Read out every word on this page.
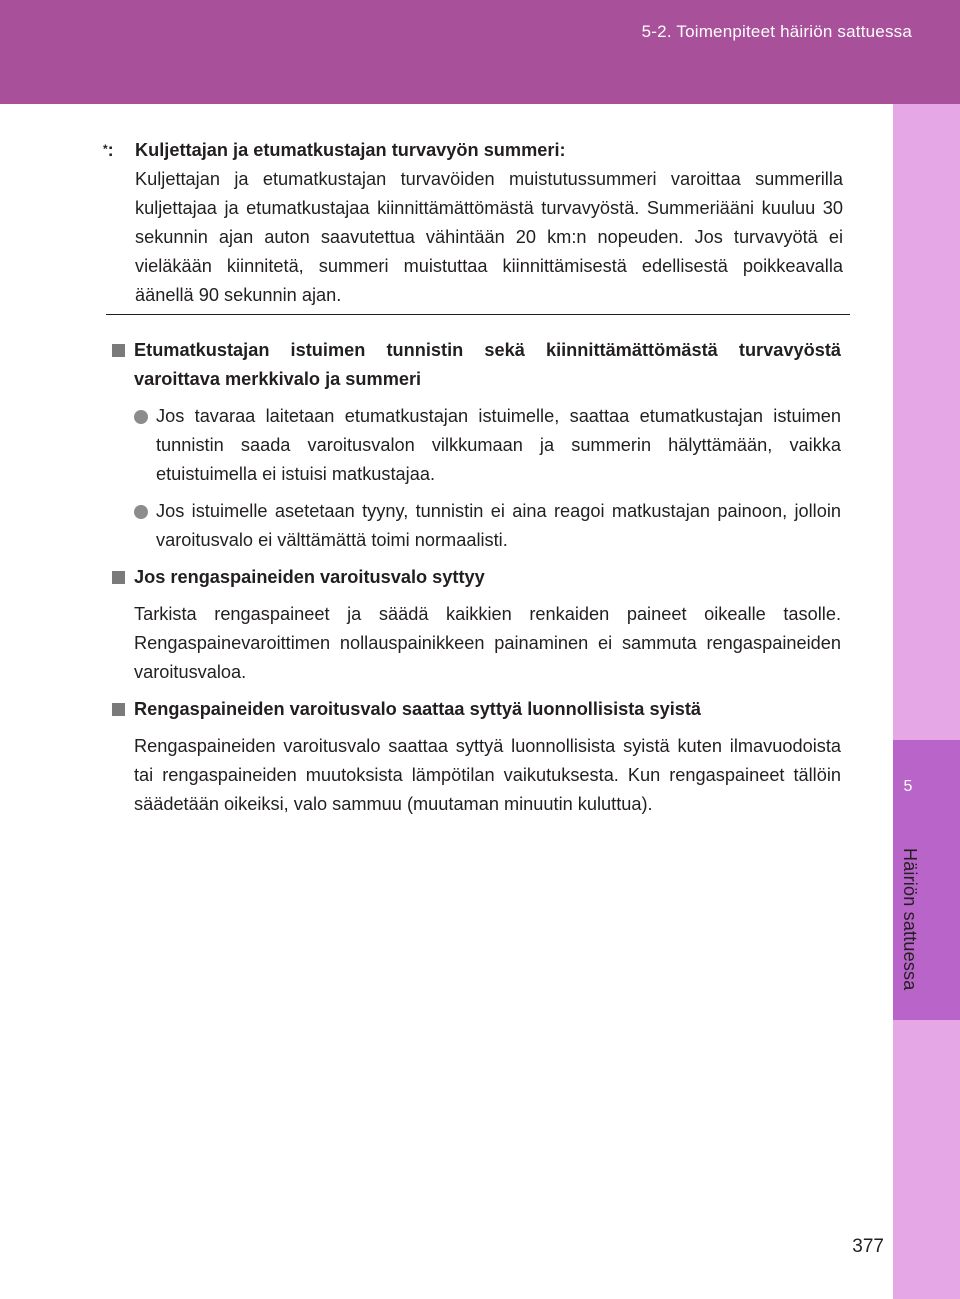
5-2. Toimenpiteet häiriön sattuessa
5
Häiriön sattuessa
*: Kuljettajan ja etumatkustajan turvavyön summeri:
Kuljettajan ja etumatkustajan turvavöiden muistutussummeri varoittaa summerilla kuljettajaa ja etumatkustajaa kiinnittämättömästä turvavyöstä. Summeriääni kuuluu 30 sekunnin ajan auton saavutettua vähintään 20 km:n nopeuden. Jos turvavyötä ei vieläkään kiinnitetä, summeri muistuttaa kiinnittämisestä edellisestä poikkeavalla äänellä 90 sekunnin ajan.
Etumatkustajan istuimen tunnistin sekä kiinnittämättömästä turvavyöstä varoittava merkkivalo ja summeri
Jos tavaraa laitetaan etumatkustajan istuimelle, saattaa etumatkustajan istuimen tunnistin saada varoitusvalon vilkkumaan ja summerin hälyttämään, vaikka etuistuimella ei istuisi matkustajaa.
Jos istuimelle asetetaan tyyny, tunnistin ei aina reagoi matkustajan painoon, jolloin varoitusvalo ei välttämättä toimi normaalisti.
Jos rengaspaineiden varoitusvalo syttyy
Tarkista rengaspaineet ja säädä kaikkien renkaiden paineet oikealle tasolle. Rengaspainevaroittimen nollauspainikkeen painaminen ei sammuta rengaspaineiden varoitusvaloa.
Rengaspaineiden varoitusvalo saattaa syttyä luonnollisista syistä
Rengaspaineiden varoitusvalo saattaa syttyä luonnollisista syistä kuten ilmavuodoista tai rengaspaineiden muutoksista lämpötilan vaikutuksesta. Kun rengaspaineet tällöin säädetään oikeiksi, valo sammuu (muutaman minuutin kuluttua).
377
